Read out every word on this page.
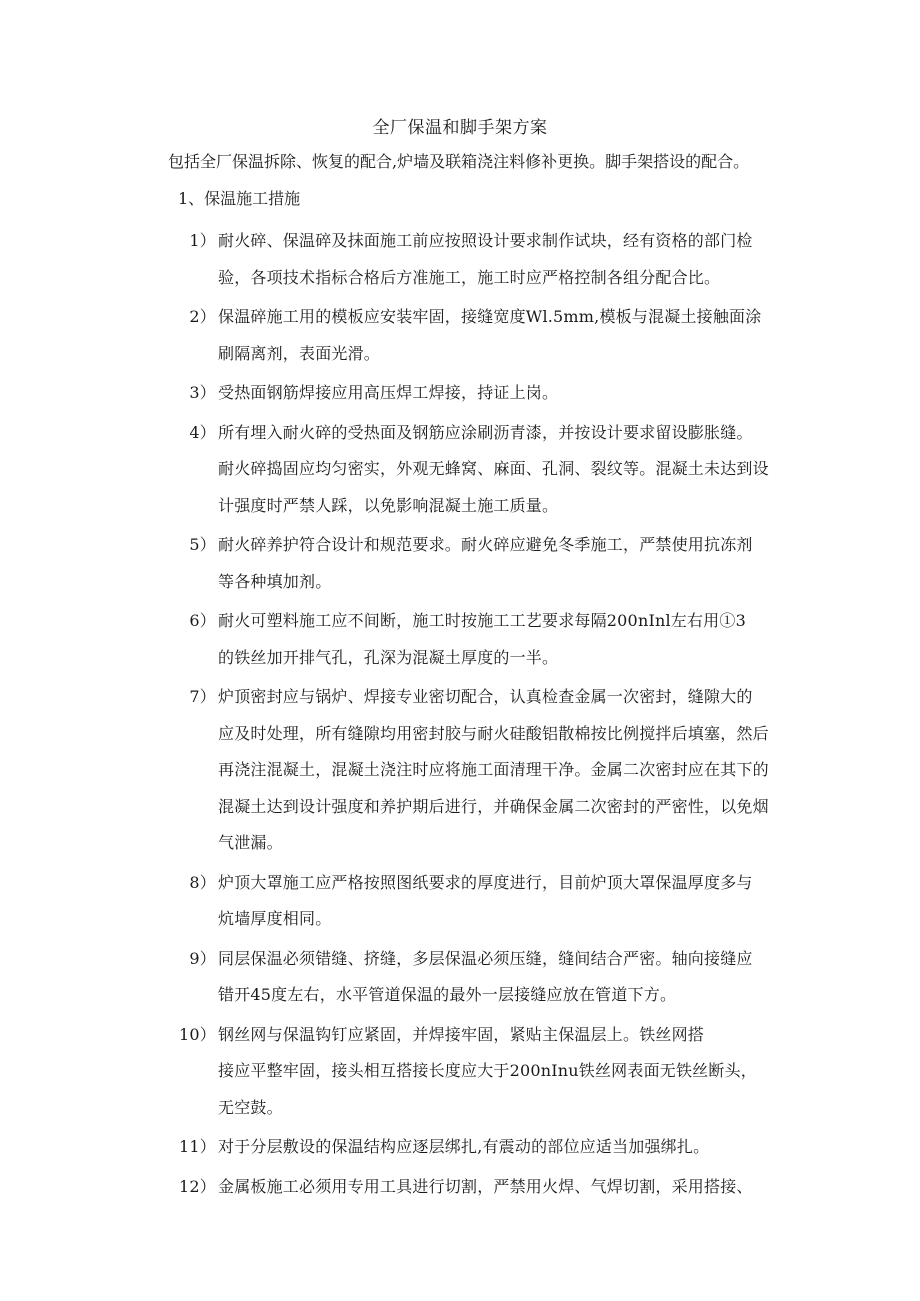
全厂保温和脚手架方案
包括全厂保温拆除、恢复的配合,炉墙及联箱浇注料修补更换。脚手架搭设的配合。
1、保温施工措施
1） 耐火碎、保温碎及抹面施工前应按照设计要求制作试块，经有资格的部门检
验，各项技术指标合格后方准施工，施工时应严格控制各组分配合比。
2） 保温碎施工用的模板应安装牢固，接缝宽度Wl.5mm,模板与混凝土接触面涂
刷隔离剂，表面光滑。
3） 受热面钢筋焊接应用高压焊工焊接，持证上岗。
4） 所有埋入耐火碎的受热面及钢筋应涂刷沥青漆，并按设计要求留设膨胀缝。
耐火碎捣固应均匀密实，外观无蜂窝、麻面、孔洞、裂纹等。混凝土未达到设
计强度时严禁人踩，以免影响混凝土施工质量。
5） 耐火碎养护符合设计和规范要求。耐火碎应避免冬季施工，严禁使用抗冻剂
等各种填加剂。
6） 耐火可塑料施工应不间断，施工时按施工工艺要求每隔200nInl左右用①3
的铁丝加开排气孔，孔深为混凝土厚度的一半。
7） 炉顶密封应与锅炉、焊接专业密切配合，认真检查金属一次密封，缝隙大的
应及时处理，所有缝隙均用密封胶与耐火硅酸铝散棉按比例搅拌后填塞，然后
再浇注混凝土，混凝土浇注时应将施工面清理干净。金属二次密封应在其下的
混凝土达到设计强度和养护期后进行，并确保金属二次密封的严密性，以免烟
气泄漏。
8） 炉顶大罩施工应严格按照图纸要求的厚度进行，目前炉顶大罩保温厚度多与
炕墙厚度相同。
9） 同层保温必须错缝、挤缝，多层保温必须压缝，缝间结合严密。轴向接缝应
错开45度左右，水平管道保温的最外一层接缝应放在管道下方。
10） 钢丝网与保温钩钉应紧固，并焊接牢固，紧贴主保温层上。铁丝网搭
接应平整牢固，接头相互搭接长度应大于200nInu铁丝网表面无铁丝断头，
无空鼓。
11） 对于分层敷设的保温结构应逐层绑扎,有震动的部位应适当加强绑扎。
12） 金属板施工必须用专用工具进行切割，严禁用火焊、气焊切割，采用搭接、
